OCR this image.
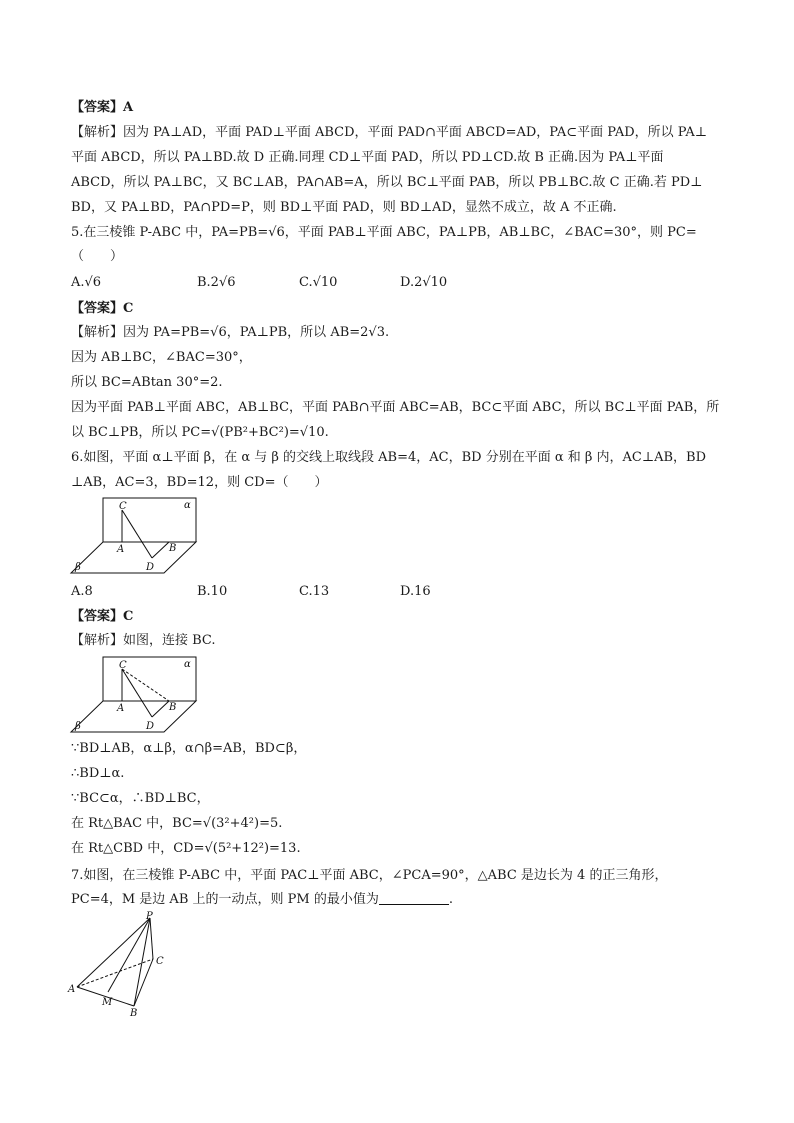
【答案】A
【解析】因为 PA⊥AD，平面 PAD⊥平面 ABCD，平面 PAD∩平面 ABCD=AD，PA⊂平面 PAD，所以 PA⊥
平面 ABCD，所以 PA⊥BD.故 D 正确.同理 CD⊥平面 PAD，所以 PD⊥CD.故 B 正确.因为 PA⊥平面
ABCD，所以 PA⊥BC，又 BC⊥AB，PA∩AB=A，所以 BC⊥平面 PAB，所以 PB⊥BC.故 C 正确.若 PD⊥
BD，又 PA⊥BD，PA∩PD=P，则 BD⊥平面 PAD，则 BD⊥AD，显然不成立，故 A 不正确.
5.在三棱锥 P-ABC 中，PA=PB=√6，平面 PAB⊥平面 ABC，PA⊥PB，AB⊥BC，∠BAC=30°，则 PC=
（　　）
A.√6	B.2√6	C.√10	D.2√10
【答案】C
【解析】因为 PA=PB=√6，PA⊥PB，所以 AB=2√3.
因为 AB⊥BC，∠BAC=30°，
所以 BC=ABtan 30°=2.
因为平面 PAB⊥平面 ABC，AB⊥BC，平面 PAB∩平面 ABC=AB，BC⊂平面 ABC，所以 BC⊥平面 PAB，所
以 BC⊥PB，所以 PC=√(PB²+BC²)=√10.
6.如图，平面 α⊥平面 β，在 α 与 β 的交线上取线段 AB=4，AC，BD 分别在平面 α 和 β 内，AC⊥AB，BD
⊥AB，AC=3，BD=12，则 CD=（　　）
C	α
A	B
D
β
A.8	B.10	C.13	D.16
【答案】C
【解析】如图，连接 BC.
C	α
A	B
D
β
∵BD⊥AB，α⊥β，α∩β=AB，BD⊂β，
∴BD⊥α.
∵BC⊂α，∴BD⊥BC，
在 Rt△BAC 中，BC=√(3²+4²)=5.
在 Rt△CBD 中，CD=√(5²+12²)=13.
7.如图，在三棱锥 P-ABC 中，平面 PAC⊥平面 ABC，∠PCA=90°，△ABC 是边长为 4 的正三角形，
PC=4，M 是边 AB 上的一动点，则 PM 的最小值为	.
P
C
A
M
B
